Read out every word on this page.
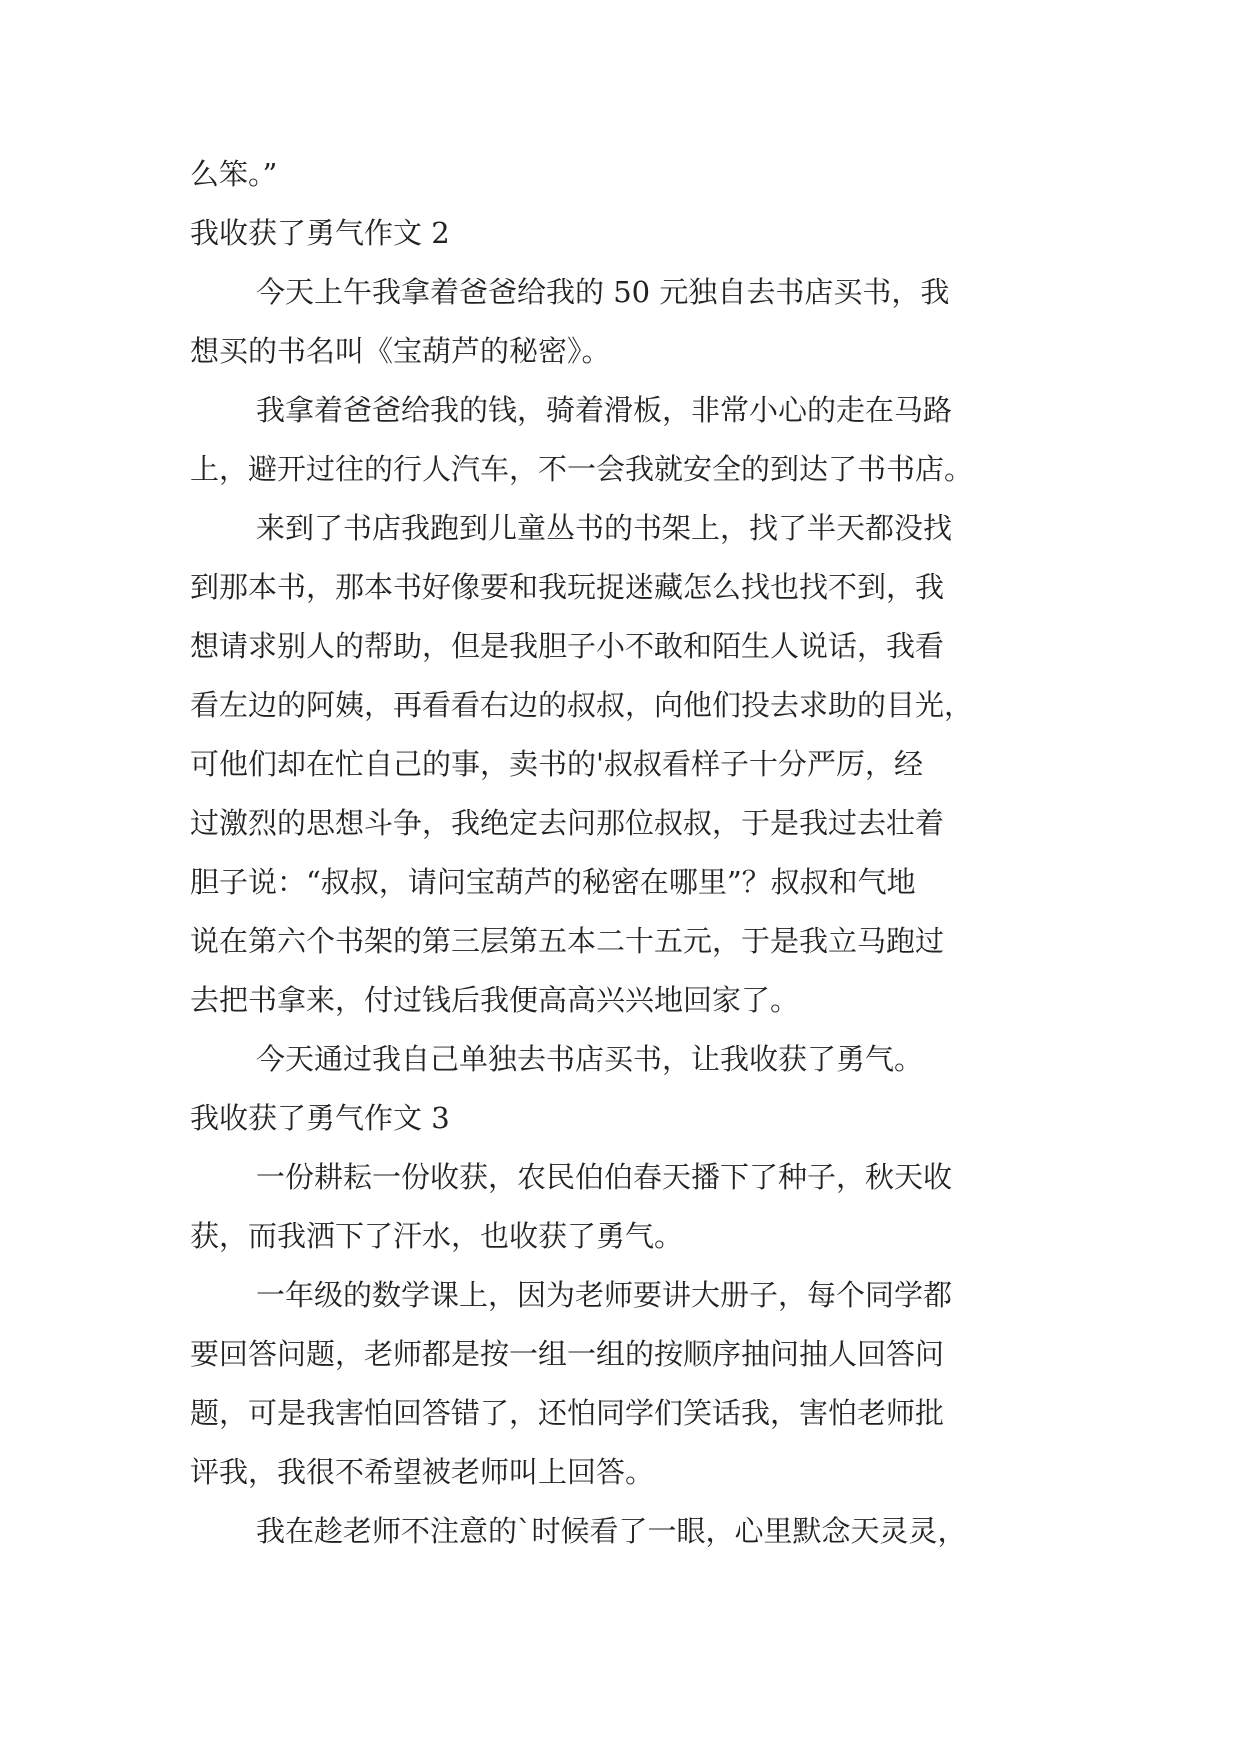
么笨。”
我收获了勇气作文 2
今天上午我拿着爸爸给我的 50 元独自去书店买书，我
想买的书名叫《宝葫芦的秘密》。
我拿着爸爸给我的钱，骑着滑板，非常小心的走在马路
上，避开过往的行人汽车，不一会我就安全的到达了书书店。
来到了书店我跑到儿童丛书的书架上，找了半天都没找
到那本书，那本书好像要和我玩捉迷藏怎么找也找不到，我
想请求别人的帮助，但是我胆子小不敢和陌生人说话，我看
看左边的阿姨，再看看右边的叔叔，向他们投去求助的目光，
可他们却在忙自己的事，卖书的'叔叔看样子十分严厉，经
过激烈的思想斗争，我绝定去问那位叔叔，于是我过去壮着
胆子说：“叔叔，请问宝葫芦的秘密在哪里”？叔叔和气地
说在第六个书架的第三层第五本二十五元，于是我立马跑过
去把书拿来，付过钱后我便高高兴兴地回家了。
今天通过我自己单独去书店买书，让我收获了勇气。
我收获了勇气作文 3
一份耕耘一份收获，农民伯伯春天播下了种子，秋天收
获，而我洒下了汗水，也收获了勇气。
一年级的数学课上，因为老师要讲大册子，每个同学都
要回答问题，老师都是按一组一组的按顺序抽问抽人回答问
题，可是我害怕回答错了，还怕同学们笑话我，害怕老师批
评我，我很不希望被老师叫上回答。
我在趁老师不注意的`时候看了一眼，心里默念天灵灵，
